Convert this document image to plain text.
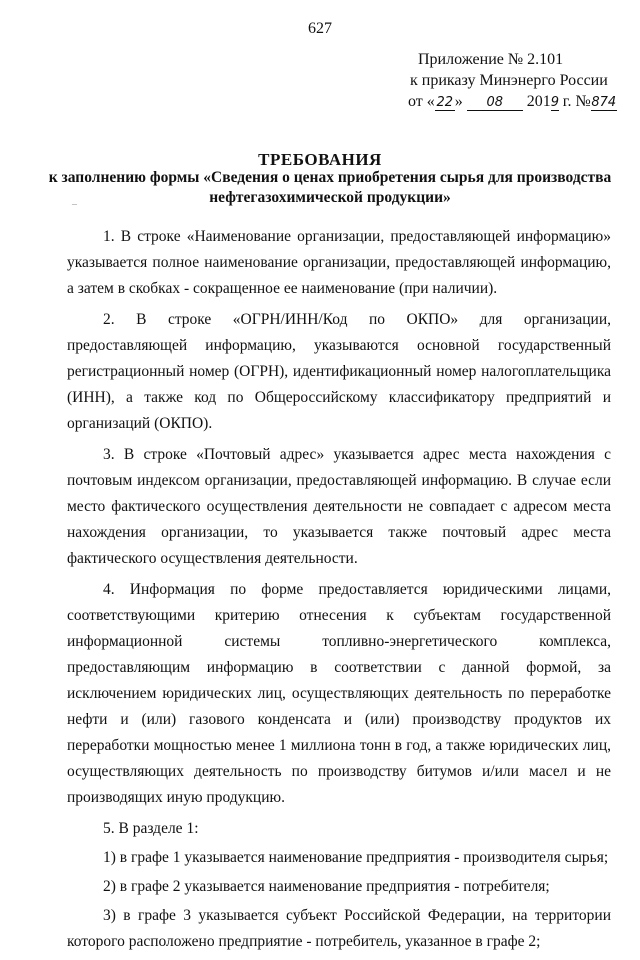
627
Приложение № 2.101
к приказу Минэнерго России
от « 22 » 08 2019 г. №874
ТРЕБОВАНИЯ
к заполнению формы «Сведения о ценах приобретения сырья для производства нефтегазохимической продукции»
¯

1. В строке «Наименование организации, предоставляющей информацию» указывается полное наименование организации, предоставляющей информацию, а затем в скобках - сокращенное ее наименование (при наличии).

2. В строке «ОГРН/ИНН/Код по ОКПО» для организации, предоставляющей информацию, указываются основной государственный регистрационный номер (ОГРН), идентификационный номер налогоплательщика (ИНН), а также код по Общероссийскому классификатору предприятий и организаций (ОКПО).

3. В строке «Почтовый адрес» указывается адрес места нахождения с почтовым индексом организации, предоставляющей информацию. В случае если место фактического осуществления деятельности не совпадает с адресом места нахождения организации, то указывается также почтовый адрес места фактического осуществления деятельности.

4. Информация по форме предоставляется юридическими лицами, соответствующими критерию отнесения к субъектам государственной информационной системы топливно-энергетического комплекса, предоставляющим информацию в соответствии с данной формой, за исключением юридических лиц, осуществляющих деятельность по переработке нефти и (или) газового конденсата и (или) производству продуктов их переработки мощностью менее 1 миллиона тонн в год, а также юридических лиц, осуществляющих деятельность по производству битумов и/или масел и не производящих иную продукцию.

5. В разделе 1:

1) в графе 1 указывается наименование предприятия - производителя сырья;

2) в графе 2 указывается наименование предприятия - потребителя;

3) в графе 3 указывается субъект Российской Федерации, на территории которого расположено предприятие - потребитель, указанное в графе 2;
